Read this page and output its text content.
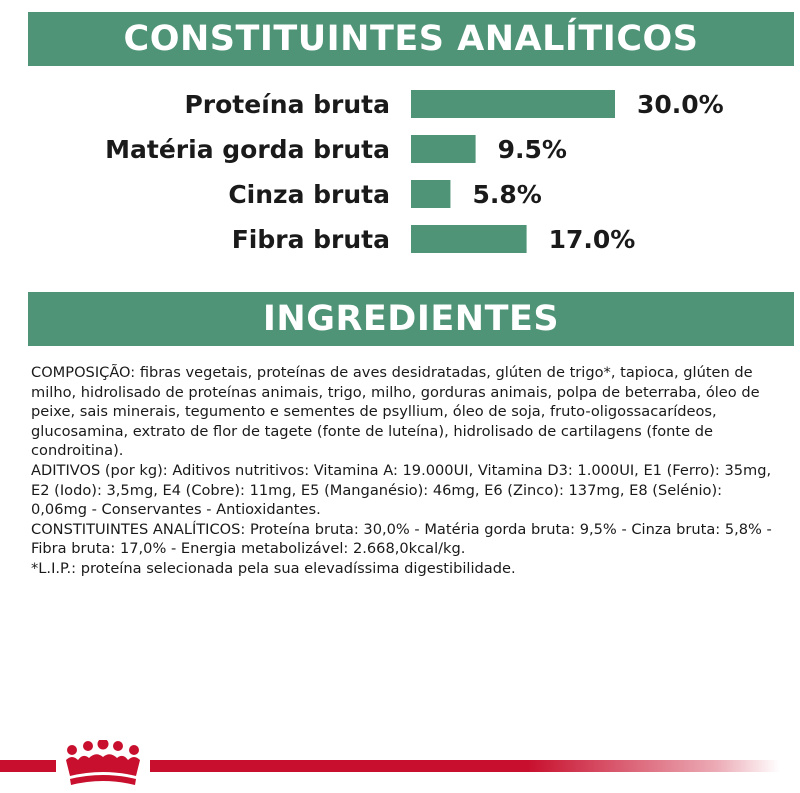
CONSTITUINTES ANALÍTICOS
Proteína bruta	30.0%
Matéria gorda bruta	9.5%
Cinza bruta	5.8%
Fibra bruta	17.0%
INGREDIENTES

COMPOSIÇÃO: fibras vegetais, proteínas de aves desidratadas, glúten de trigo*, tapioca, glúten de milho, hidrolisado de proteínas animais, trigo, milho, gorduras animais, polpa de beterraba, óleo de peixe, sais minerais, tegumento e sementes de psyllium, óleo de soja, fruto-oligossacarídeos, glucosamina, extrato de flor de tagete (fonte de luteína), hidrolisado de cartilagens (fonte de condroitina).

ADITIVOS (por kg): Aditivos nutritivos: Vitamina A: 19.000UI, Vitamina D3: 1.000UI, E1 (Ferro): 35mg, E2 (Iodo): 3,5mg, E4 (Cobre): 11mg, E5 (Manganésio): 46mg, E6 (Zinco): 137mg, E8 (Selénio): 0,06mg - Conservantes - Antioxidantes.

CONSTITUINTES ANALÍTICOS: Proteína bruta: 30,0% - Matéria gorda bruta: 9,5% - Cinza bruta: 5,8% - Fibra bruta: 17,0% - Energia metabolizável: 2.668,0kcal/kg.

*L.I.P.: proteína selecionada pela sua elevadíssima digestibilidade.
